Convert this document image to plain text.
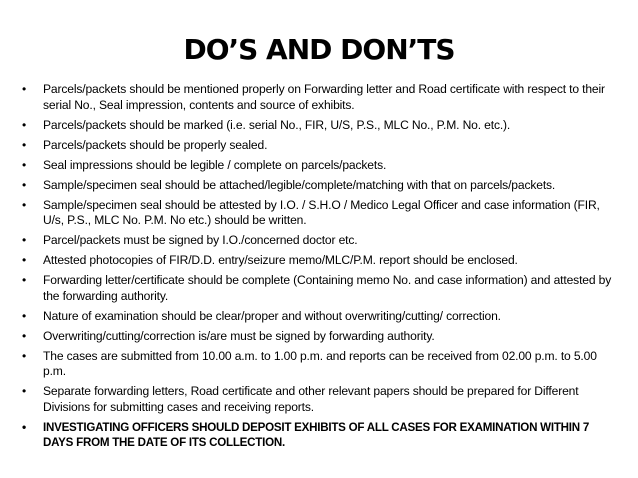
DO’S AND DON’TS
• Parcels/packets should be mentioned properly on Forwarding letter and Road certificate with respect to their serial No., Seal impression, contents and source of exhibits.
• Parcels/packets should be marked (i.e. serial No., FIR, U/S, P.S., MLC No., P.M. No. etc.).
• Parcels/packets should be properly sealed.
• Seal impressions should be legible / complete on parcels/packets.
• Sample/specimen seal should be attached/legible/complete/matching with that on parcels/packets.
• Sample/specimen seal should be attested by I.O. / S.H.O / Medico Legal Officer and case information (FIR, U/s, P.S., MLC No. P.M. No etc.) should be written.
• Parcel/packets must be signed by I.O./concerned doctor etc.
• Attested photocopies of FIR/D.D. entry/seizure memo/MLC/P.M. report should be enclosed.
• Forwarding letter/certificate should be complete (Containing memo No. and case information) and attested by the forwarding authority.
• Nature of examination should be clear/proper and without overwriting/cutting/ correction.
• Overwriting/cutting/correction is/are must be signed by forwarding authority.
• The cases are submitted from 10.00 a.m. to 1.00 p.m. and reports can be received from 02.00 p.m. to 5.00 p.m.
• Separate forwarding letters, Road certificate and other relevant papers should be prepared for Different Divisions for submitting cases and receiving reports.
• INVESTIGATING OFFICERS SHOULD DEPOSIT EXHIBITS OF ALL CASES FOR EXAMINATION WITHIN 7 DAYS FROM THE DATE OF ITS COLLECTION.
